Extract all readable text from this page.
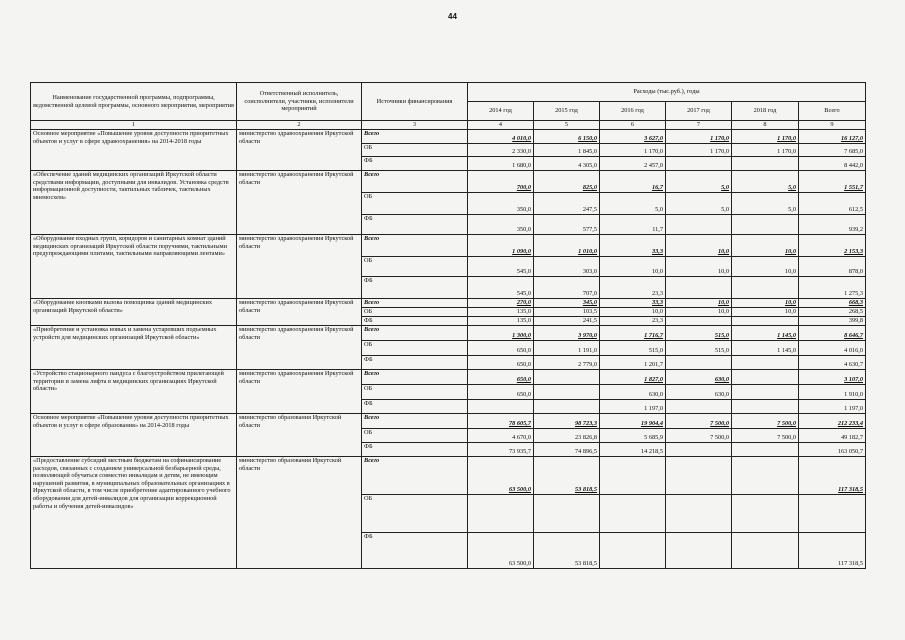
44
Наименование государственной программы, подпрограммы, ведомственной целевой программы, основного мероприятия, мероприятия	Ответственный исполнитель, соисполнители, участники, исполнители мероприятий	Источники финансирования	Расходы (тыс.руб.), годы					
			2014 год	2015 год	2016 год	2017 год	2018 год	Всего
1	2	3	4	5	6	7	8	9
Основное мероприятие «Повышение уровня доступности приоритетных объектов и услуг в сфере здравоохранения» на 2014-2018 годы	министерство здравоохранения Иркутской области	Всего	4 010,0	6 150,0	3 627,0	1 170,0	1 170,0	16 127,0
		ОБ	2 330,0	1 845,0	1 170,0	1 170,0	1 170,0	7 685,0
		ФБ	1 680,0	4 305,0	2 457,0			8 442,0
«Обеспечение зданий медицинских организаций Иркутской области средствами информации, доступными для инвалидов. Установка средств информационной доступности, тактильных табличек, тактильных мнемосхем»	министерство здравоохранения Иркутской области	Всего	700,0	825,0	16,7	5,0	5,0	1 551,7
		ОБ	350,0	247,5	5,0	5,0	5,0	612,5
		ФБ	350,0	577,5	11,7			939,2
«Оборудование входных групп, коридоров и санитарных комнат зданий медицинских организаций Иркутской области поручнями, тактильными предупреждающими плитами, тактильными направляющими лентами»	министерство здравоохранения Иркутской области	Всего	1 090,0	1 010,0	33,3	10,0	10,0	2 153,3
		ОБ	545,0	303,0	10,0	10,0	10,0	878,0
		ФБ	545,0	707,0	23,3			1 275,3
«Оборудование кнопками вызова помощника зданий медицинских организаций Иркутской области»	министерство здравоохранения Иркутской области	Всего	270,0	345,0	33,3	10,0	10,0	668,3
		ОБ	135,0	103,5	10,0	10,0	10,0	268,5
		ФБ	135,0	241,5	23,3			399,8
«Приобретение и установка новых и замена устаревших подъемных устройств для медицинских организаций Иркутской области»	министерство здравоохранения Иркутской области	Всего	1 300,0	3 970,0	1 716,7	515,0	1 145,0	8 646,7
		ОБ	650,0	1 191,0	515,0	515,0	1 145,0	4 016,0
		ФБ	650,0	2 779,0	1 201,7			4 630,7
«Устройство стационарного пандуса с благоустройством прилегающей территории и замена лифта в медицинских организациях Иркутской области»	министерство здравоохранения Иркутской области	Всего	650,0		1 827,0	630,0		3 107,0
		ОБ	650,0		630,0	630,0		1 910,0
		ФБ			1 197,0			1 197,0
Основное мероприятие «Повышение уровня доступности приоритетных объектов и услуг в сфере образования» на 2014-2018 годы	министерство образования Иркутской области	Всего	78 605,7	98 723,3	19 904,4	7 500,0	7 500,0	212 233,4
		ОБ	4 670,0	23 826,8	5 685,9	7 500,0	7 500,0	49 182,7
		ФБ	73 935,7	74 896,5	14 218,5			163 050,7
«Предоставление субсидий местным бюджетам на софинансирование расходов, связанных с созданием универсальной безбарьерной среды, позволяющей обучаться совместно инвалидам и детям, не имеющим нарушений развития, в муниципальных образовательных организациях в Иркутской области, в том числе приобретение адаптированного учебного оборудования для детей-инвалидов для организации коррекционной работы и обучения детей-инвалидов»	министерство образования Иркутской области	Всего	63 500,0	53 818,5				117 318,5
		ОБ						
		ФБ	63 500,0	53 818,5				117 318,5
